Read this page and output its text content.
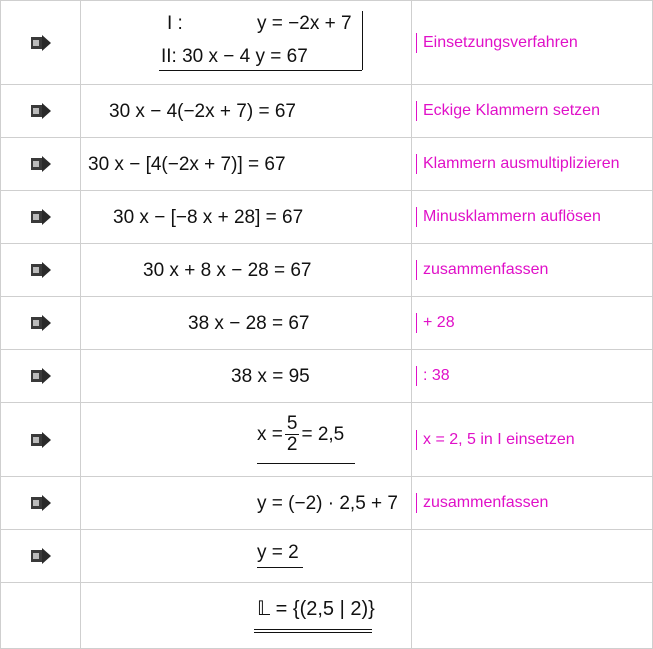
I : y = −2x + 7
II: 30 x − 4 y = 67	Einsetzungsverfahren

30 x − 4(−2x + 7) = 67	Eckige Klammern setzen

30 x − [4(−2x + 7)] = 67	Klammern ausmultiplizieren

30 x − [−8 x + 28] = 67	Minusklammern auflösen

30 x + 8 x − 28 = 67	zusammenfassen

38 x − 28 = 67	+ 28

38 x = 95	: 38

$x = \frac{5}{2} = 2,5$	x = 2, 5 in I einsetzen

y = (−2) · 2,5 + 7	zusammenfassen

y = 2	

	𝕃 = {(2,5 | 2)}	
